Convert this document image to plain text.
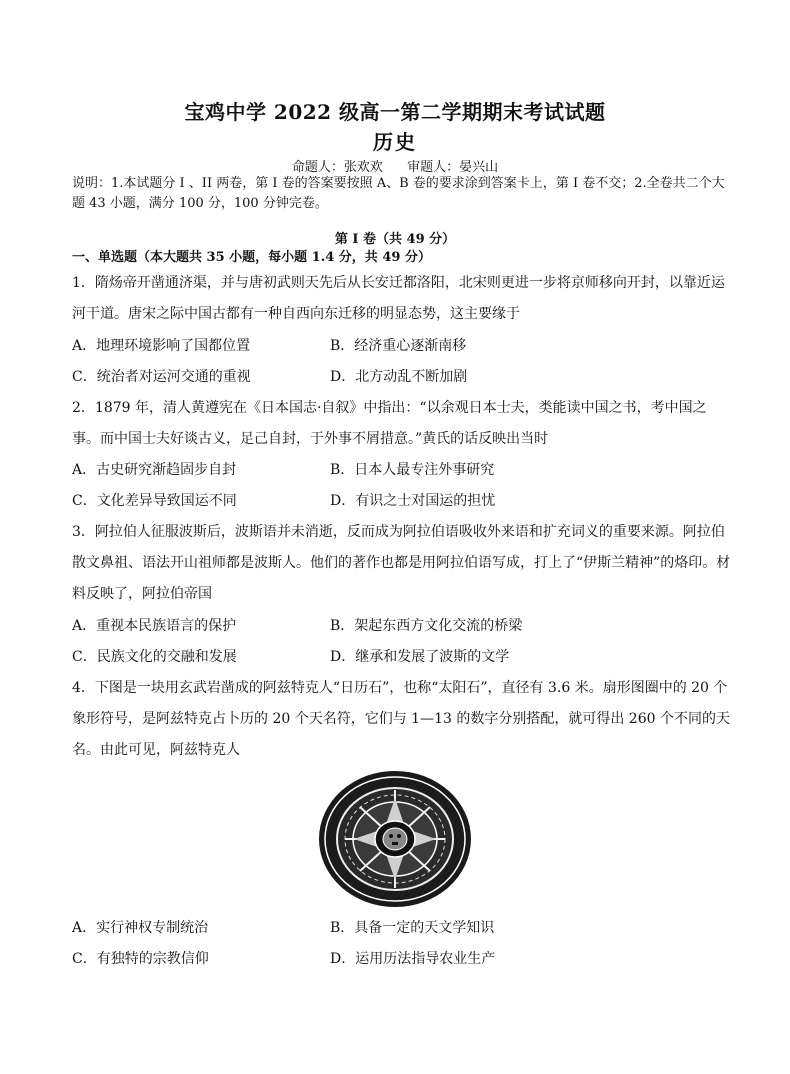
宝鸡中学 2022 级高一第二学期期末考试试题
历史
命题人：张欢欢 审题人：晏兴山
说明：1.本试题分 I 、II 两卷，第 I 卷的答案要按照 A、B 卷的要求涂到答案卡上，第 I 卷不交；2.全卷共二个大题 43 小题，满分 100 分，100 分钟完卷。
第 I 卷（共 49 分）
一、单选题（本大题共 35 小题，每小题 1.4 分，共 49 分）
1．隋炀帝开凿通济渠，并与唐初武则天先后从长安迁都洛阳，北宋则更进一步将京师移向开封，以靠近运河干道。唐宋之际中国古都有一种自西向东迁移的明显态势，这主要缘于
A．地理环境影响了国都位置	B．经济重心逐渐南移
C．统治者对运河交通的重视	D．北方动乱不断加剧
2．1879 年，清人黄遵宪在《日本国志·自叙》中指出：“以余观日本士夫，类能读中国之书，考中国之事。而中国士夫好谈古义，足己自封，于外事不屑措意。”黄氏的话反映出当时
A．古史研究渐趋固步自封	B．日本人最专注外事研究
C．文化差异导致国运不同	D．有识之士对国运的担忧
3．阿拉伯人征服波斯后，波斯语并未消逝，反而成为阿拉伯语吸收外来语和扩充词义的重要来源。阿拉伯散文鼻祖、语法开山祖师都是波斯人。他们的著作也都是用阿拉伯语写成，打上了“伊斯兰精神”的烙印。材料反映了，阿拉伯帝国
A．重视本民族语言的保护	B．架起东西方文化交流的桥梁
C．民族文化的交融和发展	D．继承和发展了波斯的文学
4．下图是一块用玄武岩凿成的阿兹特克人“日历石”，也称“太阳石”，直径有 3.6 米。扇形图圈中的 20 个象形符号，是阿兹特克占卜历的 20 个天名符，它们与 1—13 的数字分别搭配，就可得出 260 个不同的天名。由此可见，阿兹特克人
A．实行神权专制统治	B．具备一定的天文学知识
C．有独特的宗教信仰	D．运用历法指导农业生产
